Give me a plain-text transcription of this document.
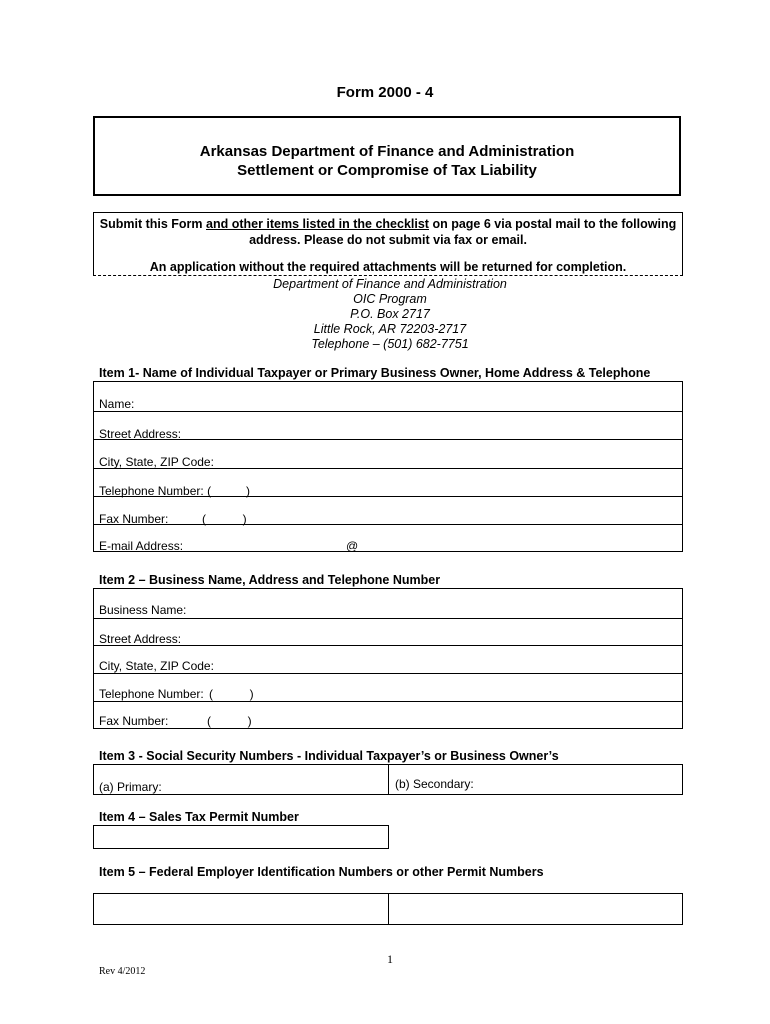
Form 2000 - 4
Arkansas Department of Finance and Administration
Settlement or Compromise of Tax Liability
Submit this Form and other items listed in the checklist on page 6 via postal mail to the following address. Please do not submit via fax or email.
An application without the required attachments will be returned for completion.
Department of Finance and Administration
OIC Program
P.O. Box 2717
Little Rock, AR 72203-2717
Telephone – (501) 682-7751
Item 1- Name of Individual Taxpayer or Primary Business Owner, Home Address & Telephone
Name:
Street Address:
City, State, ZIP Code:
Telephone Number: (	)
Fax Number:	(           )
E-mail Address:	@
Item 2 – Business Name, Address and Telephone Number
Business Name:
Street Address:
City, State, ZIP Code:
Telephone Number: (           )
Fax Number:	(           )
Item 3 - Social Security Numbers - Individual Taxpayer’s or Business Owner’s
(a) Primary:	(b) Secondary:
Item 4 – Sales Tax Permit Number
Item 5 – Federal Employer Identification Numbers or other Permit Numbers
1
Rev 4/2012
